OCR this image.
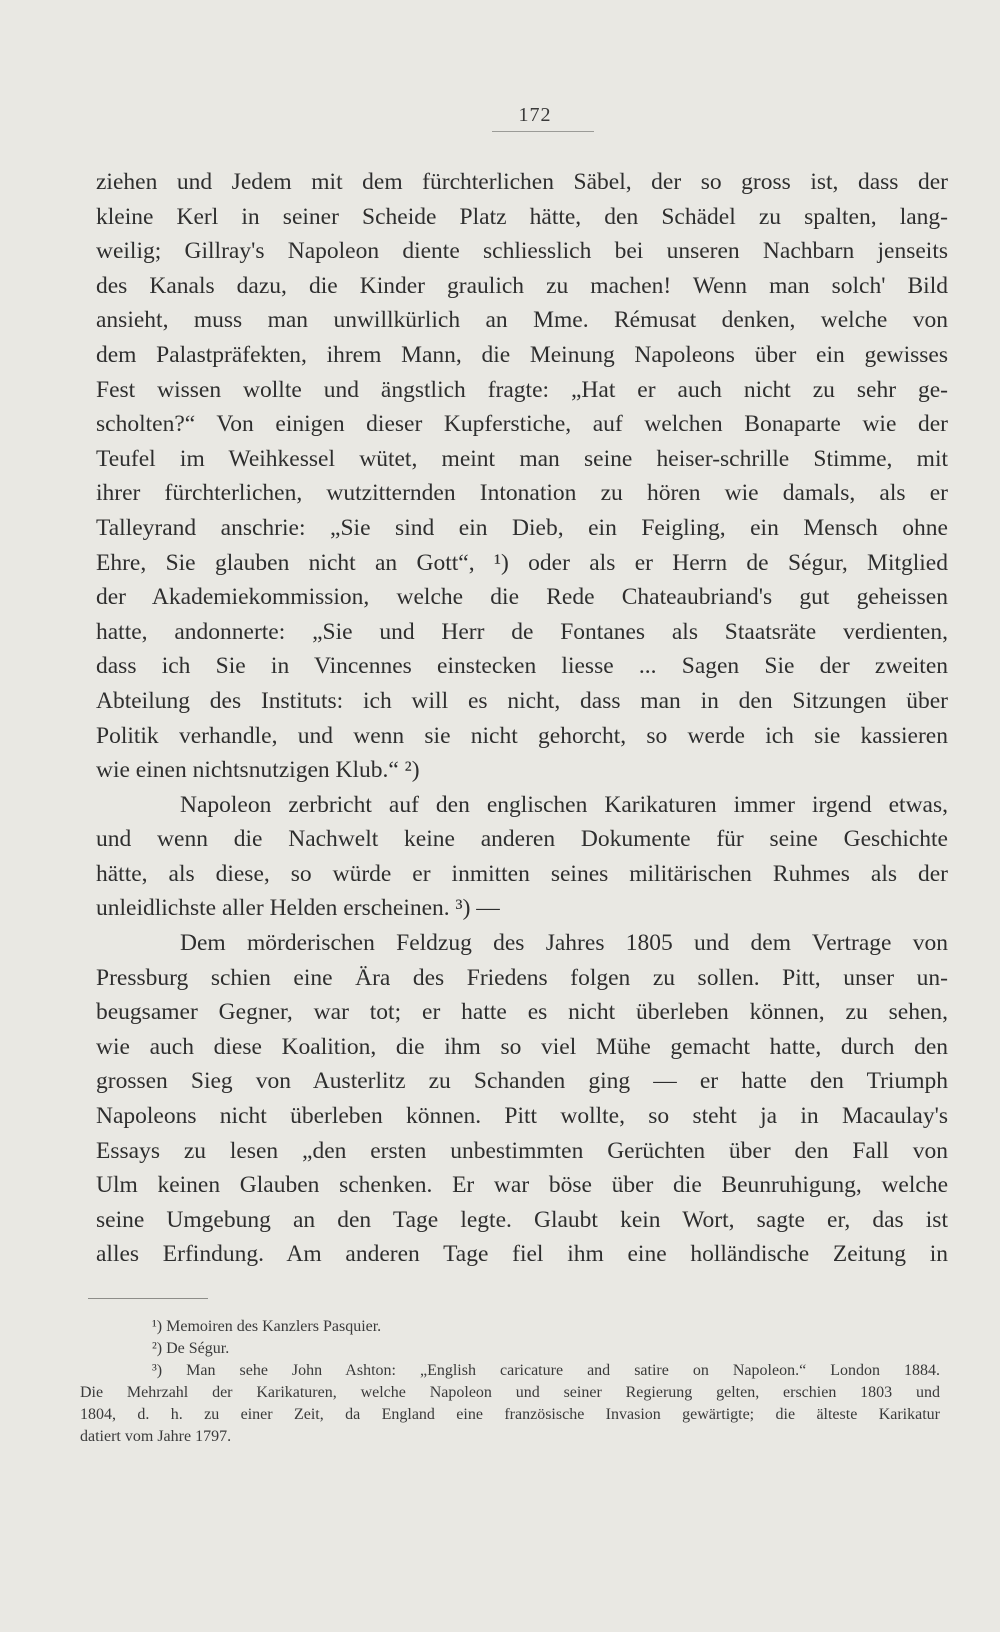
172
ziehen und Jedem mit dem fürchterlichen Säbel, der so gross ist, dass der
kleine Kerl in seiner Scheide Platz hätte, den Schädel zu spalten, lang-
weilig; Gillray's Napoleon diente schliesslich bei unseren Nachbarn jenseits
des Kanals dazu, die Kinder graulich zu machen! Wenn man solch' Bild
ansieht, muss man unwillkürlich an Mme. Rémusat denken, welche von
dem Palastpräfekten, ihrem Mann, die Meinung Napoleons über ein gewisses
Fest wissen wollte und ängstlich fragte: „Hat er auch nicht zu sehr ge-
scholten?“ Von einigen dieser Kupferstiche, auf welchen Bonaparte wie der
Teufel im Weihkessel wütet, meint man seine heiser-schrille Stimme, mit
ihrer fürchterlichen, wutzitternden Intonation zu hören wie damals, als er
Talleyrand anschrie: „Sie sind ein Dieb, ein Feigling, ein Mensch ohne
Ehre, Sie glauben nicht an Gott“, ¹) oder als er Herrn de Ségur, Mitglied
der Akademiekommission, welche die Rede Chateaubriand's gut geheissen
hatte, andonnerte: „Sie und Herr de Fontanes als Staatsräte verdienten,
dass ich Sie in Vincennes einstecken liesse ... Sagen Sie der zweiten
Abteilung des Instituts: ich will es nicht, dass man in den Sitzungen über
Politik verhandle, und wenn sie nicht gehorcht, so werde ich sie kassieren
wie einen nichtsnutzigen Klub.“ ²)
Napoleon zerbricht auf den englischen Karikaturen immer irgend etwas,
und wenn die Nachwelt keine anderen Dokumente für seine Geschichte
hätte, als diese, so würde er inmitten seines militärischen Ruhmes als der
unleidlichste aller Helden erscheinen. ³) —
Dem mörderischen Feldzug des Jahres 1805 und dem Vertrage von
Pressburg schien eine Ära des Friedens folgen zu sollen. Pitt, unser un-
beugsamer Gegner, war tot; er hatte es nicht überleben können, zu sehen,
wie auch diese Koalition, die ihm so viel Mühe gemacht hatte, durch den
grossen Sieg von Austerlitz zu Schanden ging — er hatte den Triumph
Napoleons nicht überleben können. Pitt wollte, so steht ja in Macaulay's
Essays zu lesen „den ersten unbestimmten Gerüchten über den Fall von
Ulm keinen Glauben schenken. Er war böse über die Beunruhigung, welche
seine Umgebung an den Tage legte. Glaubt kein Wort, sagte er, das ist
alles Erfindung. Am anderen Tage fiel ihm eine holländische Zeitung in
¹) Memoiren des Kanzlers Pasquier.
²) De Ségur.
³) Man sehe John Ashton: „English caricature and satire on Napoleon.“ London 1884.
Die Mehrzahl der Karikaturen, welche Napoleon und seiner Regierung gelten, erschien 1803 und
1804, d. h. zu einer Zeit, da England eine französische Invasion gewärtigte; die älteste Karikatur
datiert vom Jahre 1797.
